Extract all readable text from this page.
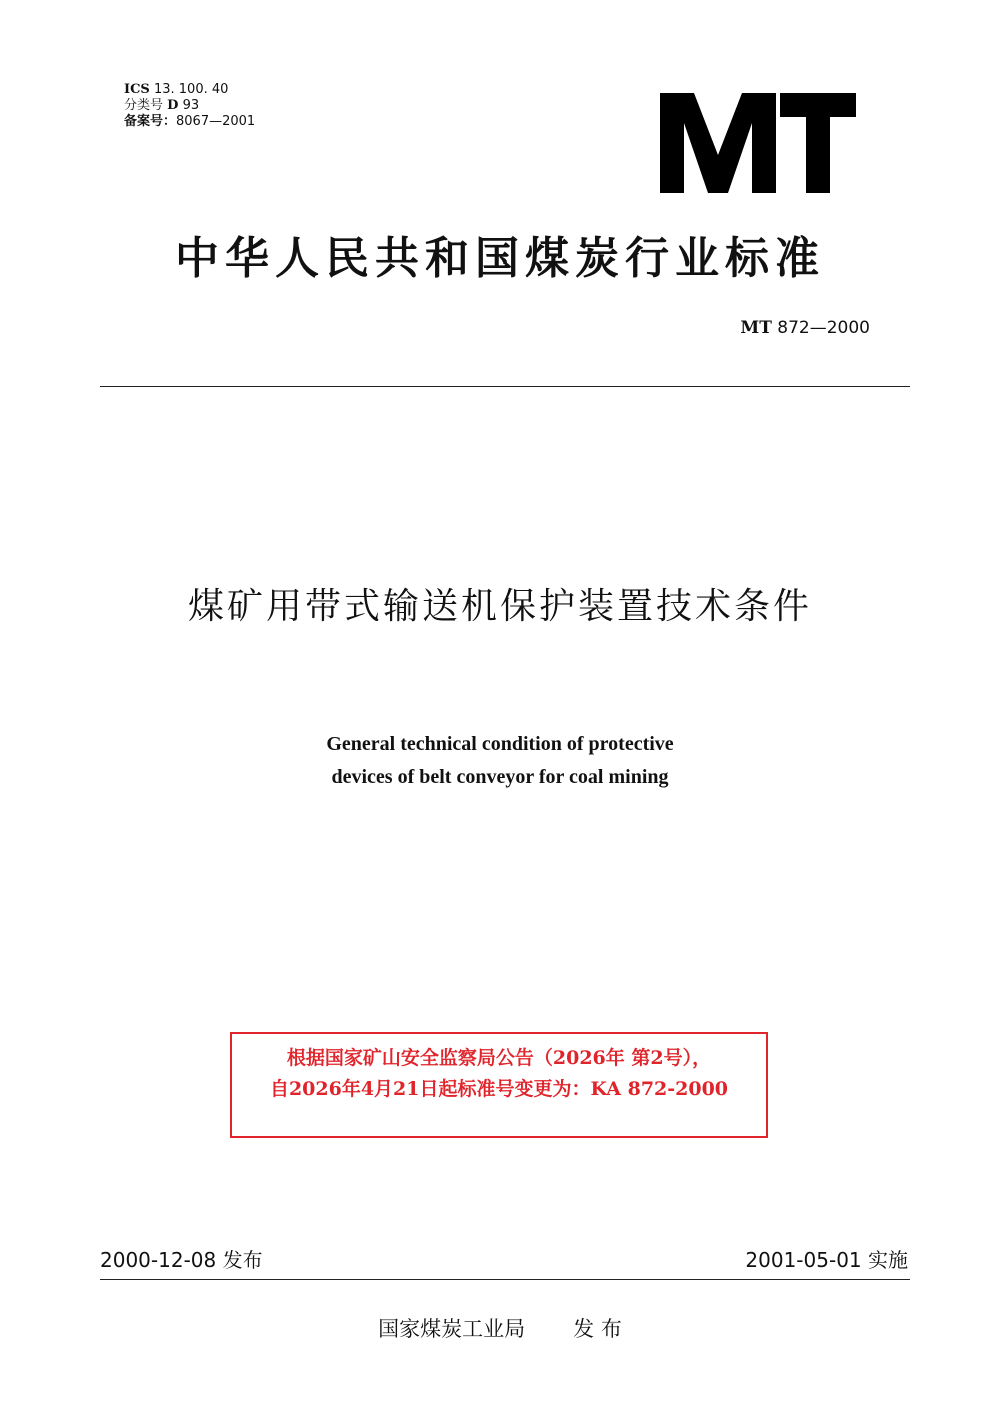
ICS 13. 100. 40
分类号 D 93
备案号：8067—2001
中华人民共和国煤炭行业标准
MT 872—2000
煤矿用带式输送机保护装置技术条件
General technical condition of protective
devices of belt conveyor for coal mining
根据国家矿山安全监察局公告（2026年 第2号），
自2026年4月21日起标准号变更为：KA 872-2000
2000-12-08 发布	2001-05-01 实施
国家煤炭工业局 发 布
